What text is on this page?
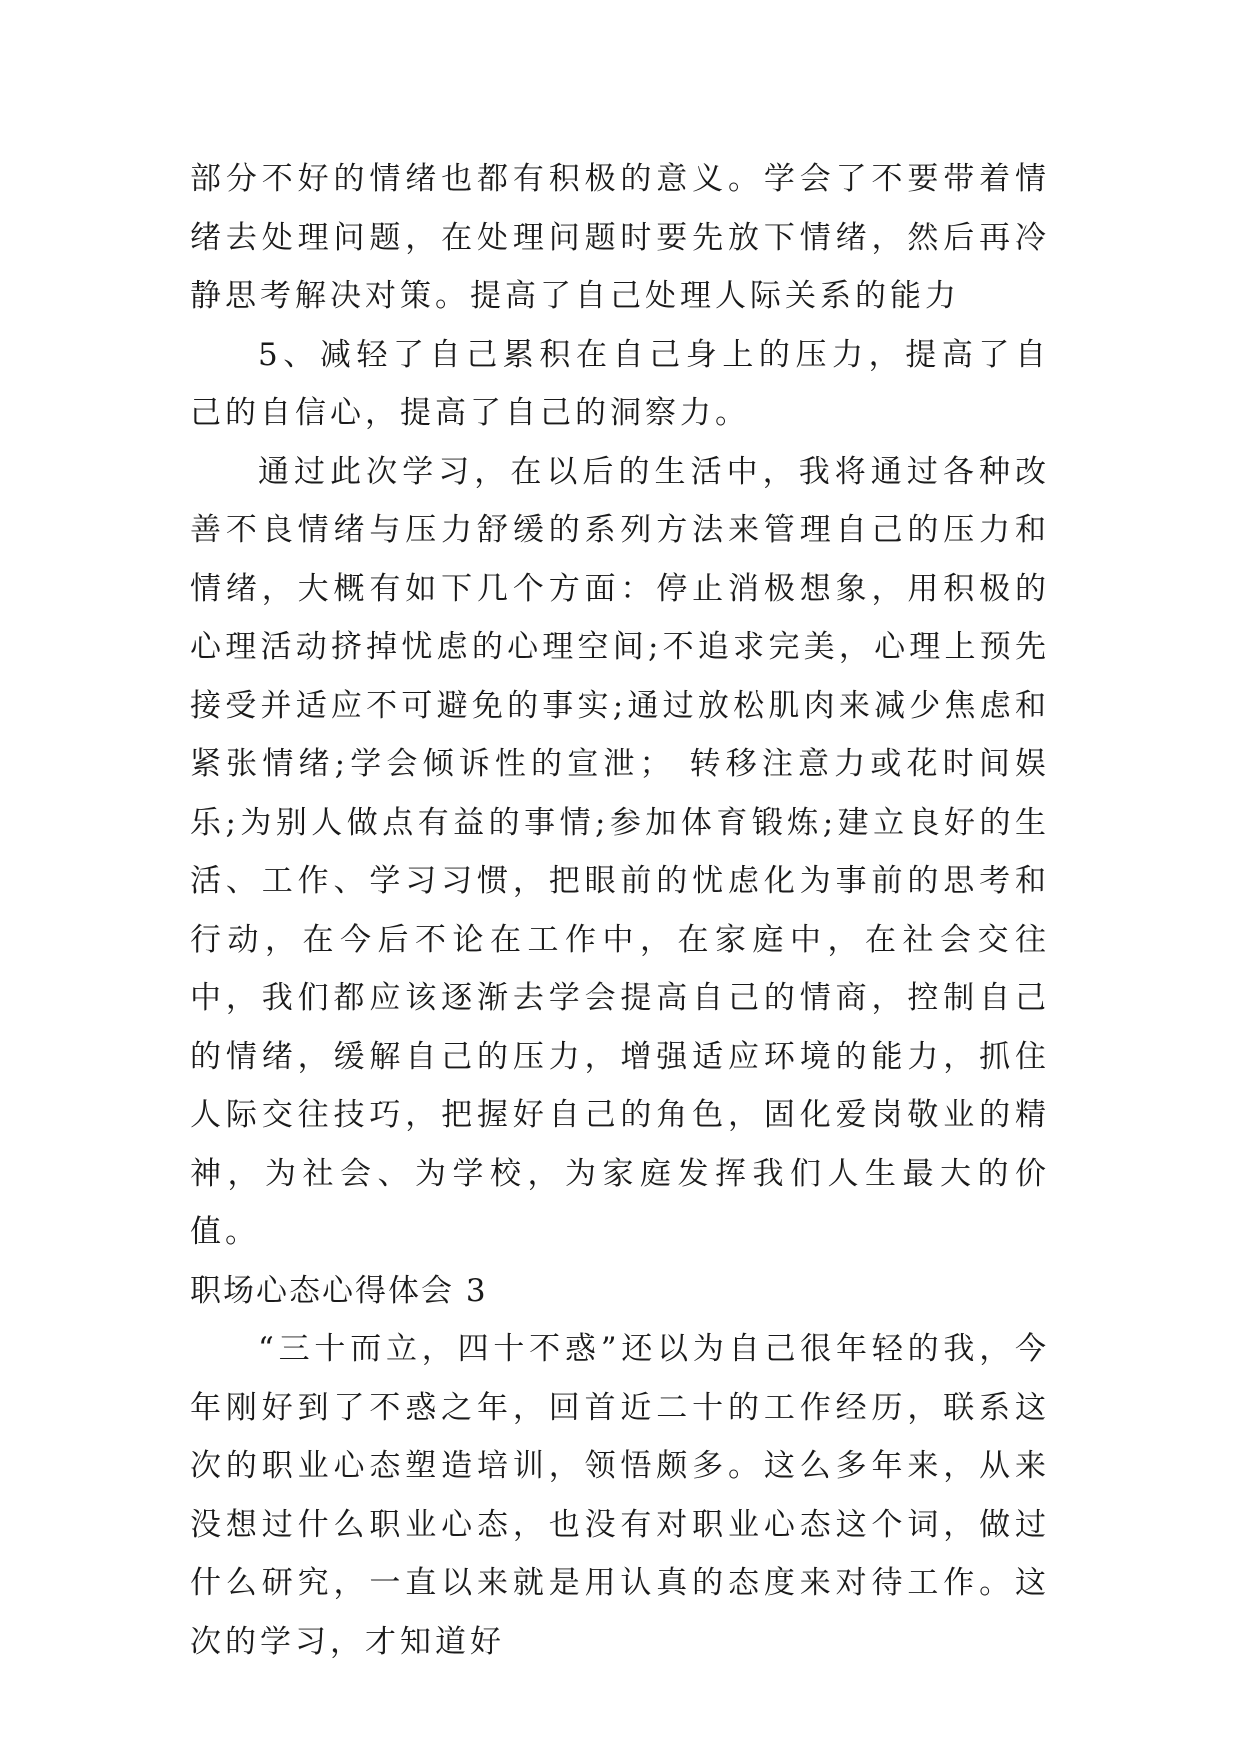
部分不好的情绪也都有积极的意义。学会了不要带着情绪去处理问题，在处理问题时要先放下情绪，然后再冷静思考解决对策。提高了自己处理人际关系的能力

5、减轻了自己累积在自己身上的压力，提高了自己的自信心，提高了自己的洞察力。

通过此次学习，在以后的生活中，我将通过各种改善不良情绪与压力舒缓的系列方法来管理自己的压力和情绪，大概有如下几个方面：停止消极想象，用积极的心理活动挤掉忧虑的心理空间;不追求完美，心理上预先接受并适应不可避免的事实;通过放松肌肉来减少焦虑和紧张情绪;学会倾诉性的宣泄； 转移注意力或花时间娱乐;为别人做点有益的事情;参加体育锻炼;建立良好的生活、工作、学习习惯，把眼前的忧虑化为事前的思考和行动，在今后不论在工作中，在家庭中，在社会交往中，我们都应该逐渐去学会提高自己的情商，控制自己的情绪，缓解自己的压力，增强适应环境的能力，抓住人际交往技巧，把握好自己的角色，固化爱岗敬业的精神，为社会、为学校，为家庭发挥我们人生最大的价值。

职场心态心得体会 3

“三十而立，四十不惑”还以为自己很年轻的我，今年刚好到了不惑之年，回首近二十的工作经历，联系这次的职业心态塑造培训，领悟颇多。这么多年来，从来没想过什么职业心态，也没有对职业心态这个词，做过什么研究，一直以来就是用认真的态度来对待工作。这次的学习，才知道好
